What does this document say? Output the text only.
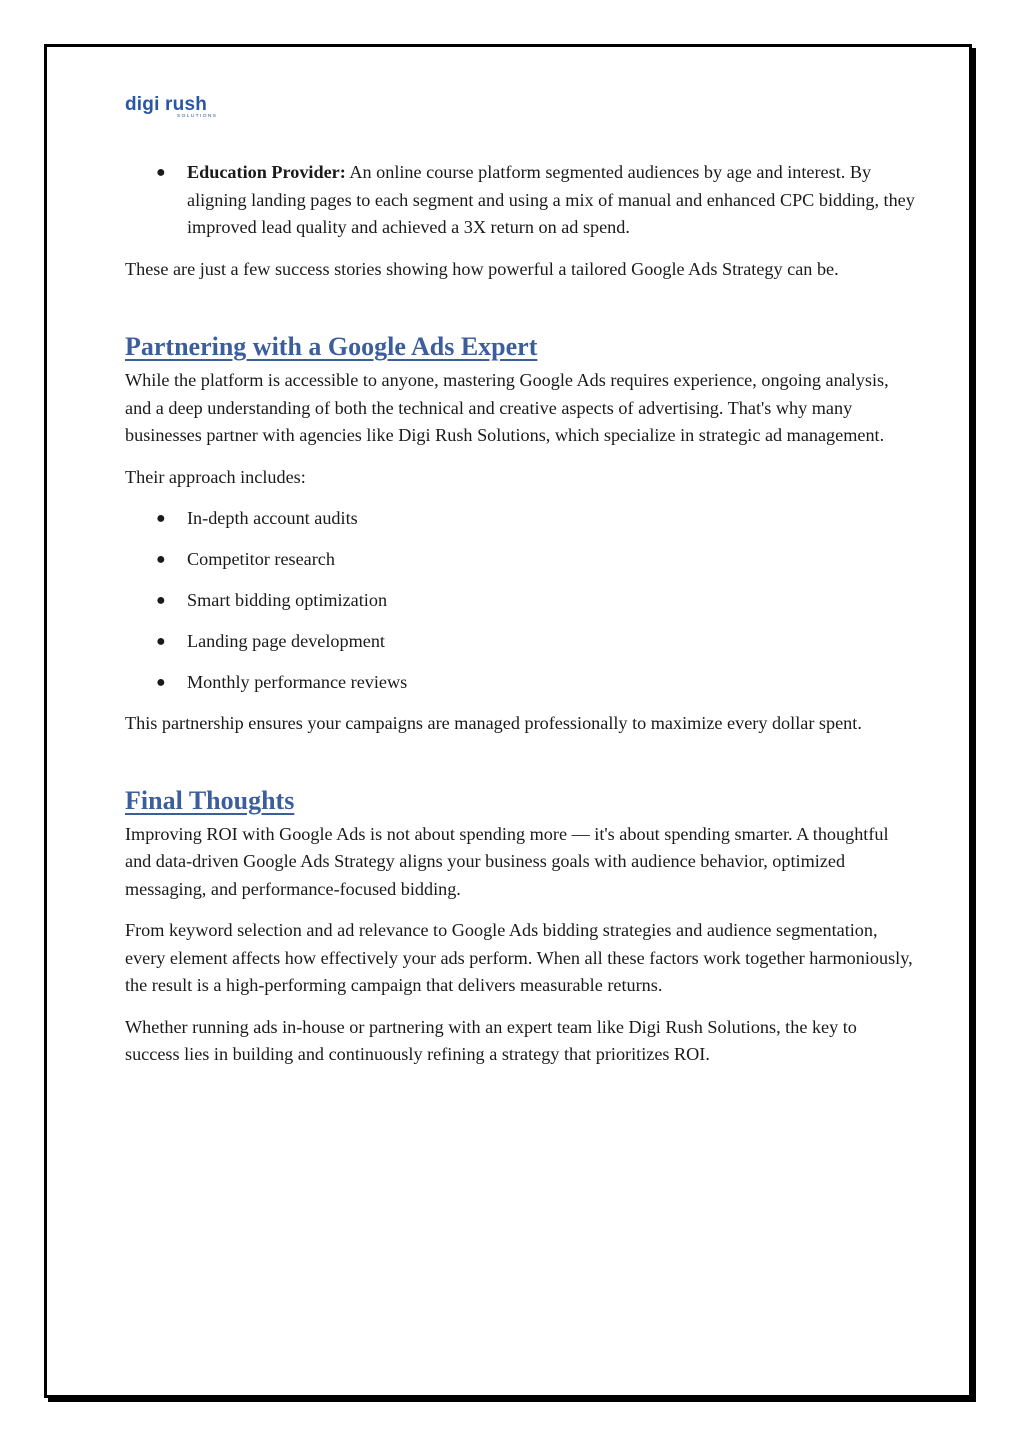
digi rush
SOLUTIONS
● Education Provider: An online course platform segmented audiences by age and interest. By aligning landing pages to each segment and using a mix of manual and enhanced CPC bidding, they improved lead quality and achieved a 3X return on ad spend.

These are just a few success stories showing how powerful a tailored Google Ads Strategy can be.

Partnering with a Google Ads Expert

While the platform is accessible to anyone, mastering Google Ads requires experience, ongoing analysis, and a deep understanding of both the technical and creative aspects of advertising. That's why many businesses partner with agencies like Digi Rush Solutions, which specialize in strategic ad management.

Their approach includes:

● In-depth account audits
● Competitor research
● Smart bidding optimization
● Landing page development
● Monthly performance reviews

This partnership ensures your campaigns are managed professionally to maximize every dollar spent.

Final Thoughts

Improving ROI with Google Ads is not about spending more — it's about spending smarter. A thoughtful and data-driven Google Ads Strategy aligns your business goals with audience behavior, optimized messaging, and performance-focused bidding.

From keyword selection and ad relevance to Google Ads bidding strategies and audience segmentation, every element affects how effectively your ads perform. When all these factors work together harmoniously, the result is a high-performing campaign that delivers measurable returns.

Whether running ads in-house or partnering with an expert team like Digi Rush Solutions, the key to success lies in building and continuously refining a strategy that prioritizes ROI.
